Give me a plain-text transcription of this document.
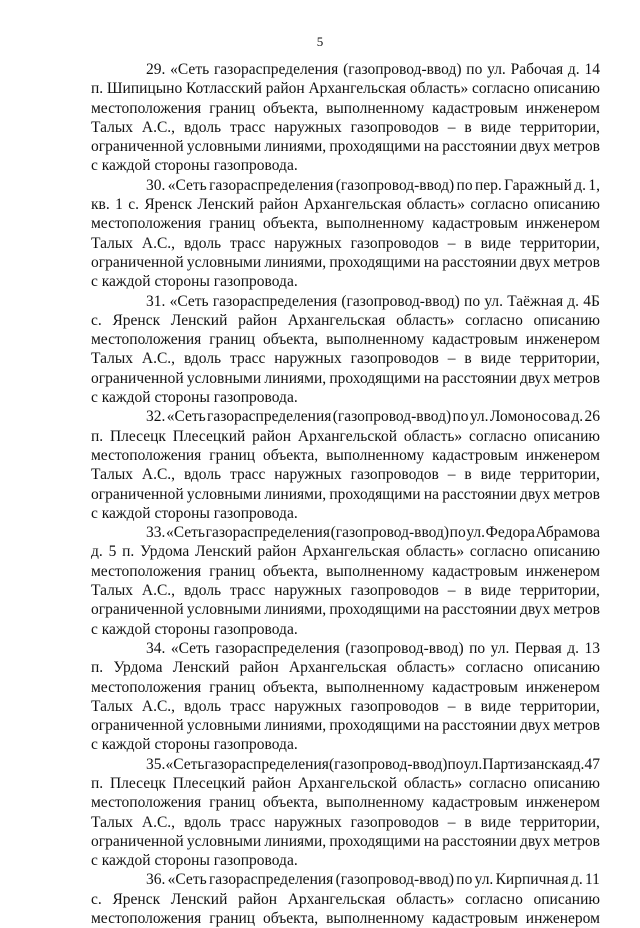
5
29. «Сеть газораспределения (газопровод-ввод) по ул. Рабочая д. 14
п. Шипицыно Котласский район Архангельская область» согласно описанию
местоположения границ объекта, выполненному кадастровым инженером
Талых А.С., вдоль трасс наружных газопроводов – в виде территории,
ограниченной условными линиями, проходящими на расстоянии двух метров
с каждой стороны газопровода.
30. «Сеть газораспределения (газопровод-ввод) по пер. Гаражный д. 1,
кв. 1 с. Яренск Ленский район Архангельская область» согласно описанию
местоположения границ объекта, выполненному кадастровым инженером
Талых А.С., вдоль трасс наружных газопроводов – в виде территории,
ограниченной условными линиями, проходящими на расстоянии двух метров
с каждой стороны газопровода.
31. «Сеть газораспределения (газопровод-ввод) по ул. Таёжная д. 4Б
с. Яренск Ленский район Архангельская область» согласно описанию
местоположения границ объекта, выполненному кадастровым инженером
Талых А.С., вдоль трасс наружных газопроводов – в виде территории,
ограниченной условными линиями, проходящими на расстоянии двух метров
с каждой стороны газопровода.
32. «Сеть газораспределения (газопровод-ввод) по ул. Ломоносова д. 26
п. Плесецк Плесецкий район Архангельской область» согласно описанию
местоположения границ объекта, выполненному кадастровым инженером
Талых А.С., вдоль трасс наружных газопроводов – в виде территории,
ограниченной условными линиями, проходящими на расстоянии двух метров
с каждой стороны газопровода.
33. «Сеть газораспределения (газопровод-ввод) по ул. Федора Абрамова
д. 5 п. Урдома Ленский район Архангельская область» согласно описанию
местоположения границ объекта, выполненному кадастровым инженером
Талых А.С., вдоль трасс наружных газопроводов – в виде территории,
ограниченной условными линиями, проходящими на расстоянии двух метров
с каждой стороны газопровода.
34. «Сеть газораспределения (газопровод-ввод) по ул. Первая д. 13
п. Урдома Ленский район Архангельская область» согласно описанию
местоположения границ объекта, выполненному кадастровым инженером
Талых А.С., вдоль трасс наружных газопроводов – в виде территории,
ограниченной условными линиями, проходящими на расстоянии двух метров
с каждой стороны газопровода.
35. «Сеть газораспределения (газопровод-ввод) по ул. Партизанская д. 47
п. Плесецк Плесецкий район Архангельской область» согласно описанию
местоположения границ объекта, выполненному кадастровым инженером
Талых А.С., вдоль трасс наружных газопроводов – в виде территории,
ограниченной условными линиями, проходящими на расстоянии двух метров
с каждой стороны газопровода.
36. «Сеть газораспределения (газопровод-ввод) по ул. Кирпичная д. 11
с. Яренск Ленский район Архангельская область» согласно описанию
местоположения границ объекта, выполненному кадастровым инженером
